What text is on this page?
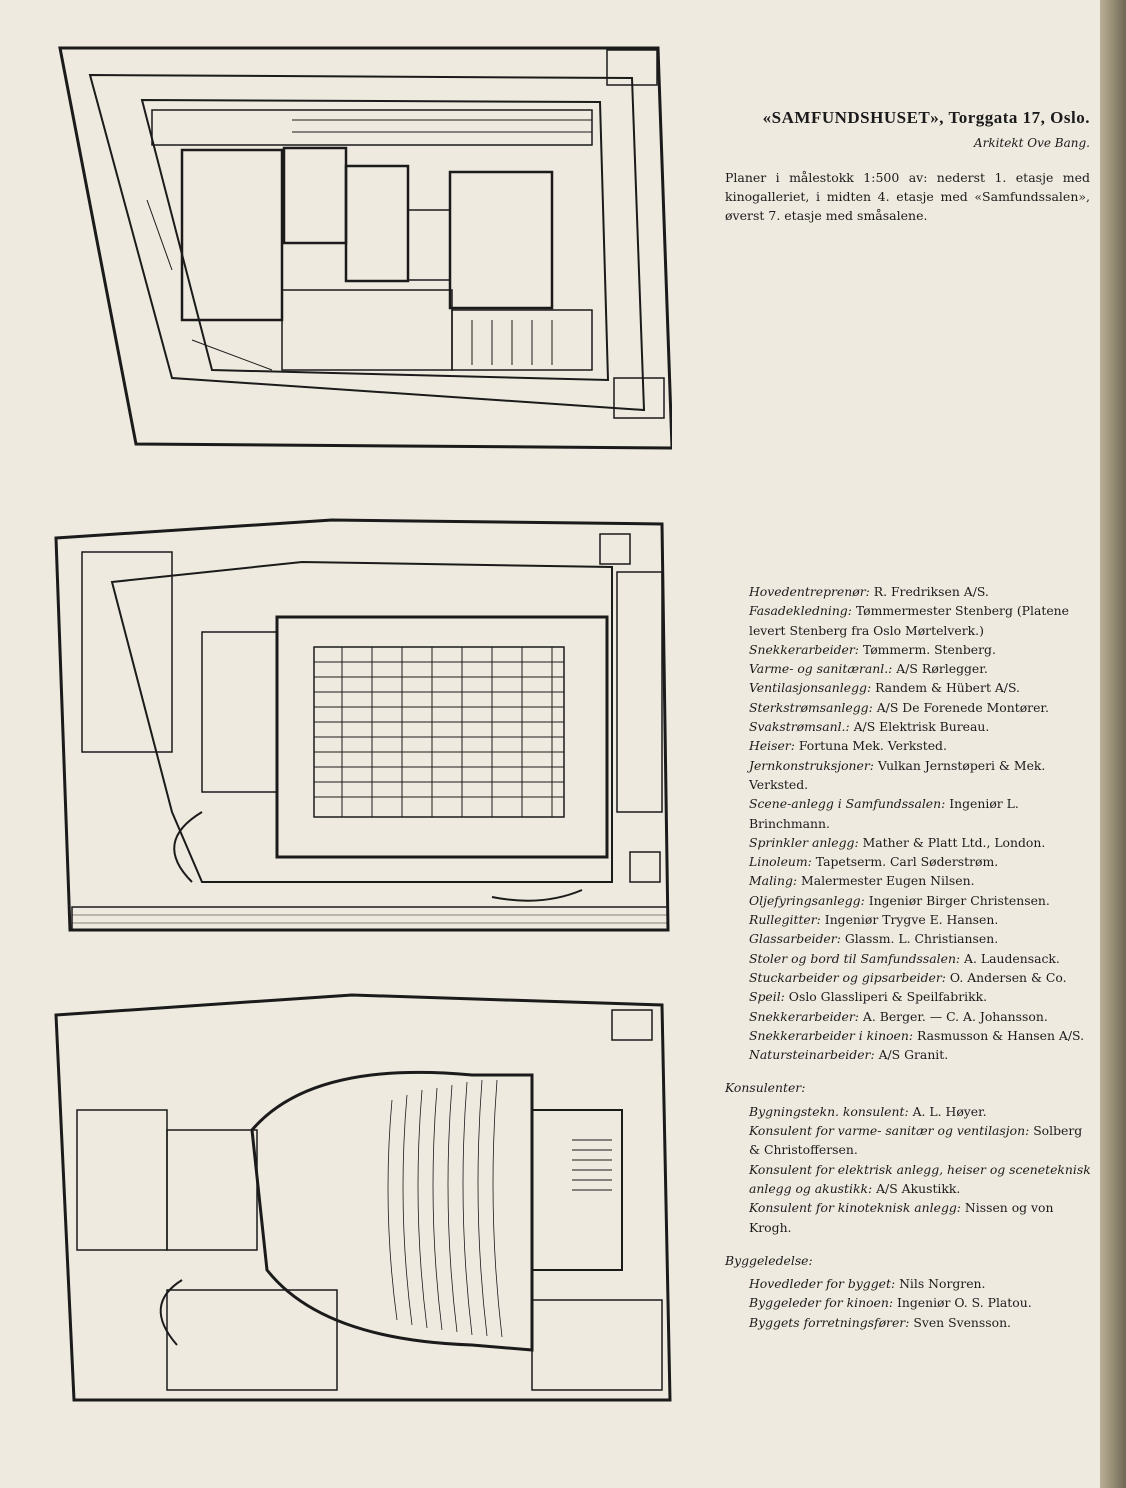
«SAMFUNDSHUSET», Torggata 17, Oslo.
Arkitekt Ove Bang.
Planer i målestokk 1:500 av: nederst 1. etasje med kinogalleriet, i midten 4. etasje med «Samfundssalen», øverst 7. etasje med småsalene.
Hovedentreprenør: R. Fredriksen A/S.
Fasadekledning: Tømmermester Stenberg (Platene levert Stenberg fra Oslo Mørtelverk.)
Snekkerarbeider: Tømmerm. Stenberg.
Varme- og sanitæranl.: A/S Rørlegger.
Ventilasjonsanlegg: Randem & Hübert A/S.
Sterkstrømsanlegg: A/S De Forenede Montører.
Svakstrømsanl.: A/S Elektrisk Bureau.
Heiser: Fortuna Mek. Verksted.
Jernkonstruksjoner: Vulkan Jernstøperi & Mek. Verksted.
Scene-anlegg i Samfundssalen: Ingeniør L. Brinchmann.
Sprinkler anlegg: Mather & Platt Ltd., London.
Linoleum: Tapetserm. Carl Søderstrøm.
Maling: Malermester Eugen Nilsen.
Oljefyringsanlegg: Ingeniør Birger Christensen.
Rullegitter: Ingeniør Trygve E. Hansen.
Glassarbeider: Glassm. L. Christiansen.
Stoler og bord til Samfundssalen: A. Laudensack.
Stuckarbeider og gipsarbeider: O. Andersen & Co.
Speil: Oslo Glassliperi & Speilfabrikk.
Snekkerarbeider: A. Berger. — C. A. Johansson.
Snekkerarbeider i kinoen: Rasmusson & Hansen A/S.
Natursteinarbeider: A/S Granit.
Konsulenter:
Bygningstekn. konsulent: A. L. Høyer.
Konsulent for varme- sanitær og ventilasjon: Solberg & Christoffersen.
Konsulent for elektrisk anlegg, heiser og sceneteknisk anlegg og akustikk: A/S Akustikk.
Konsulent for kinoteknisk anlegg: Nissen og von Krogh.
Byggeledelse:
Hovedleder for bygget: Nils Norgren.
Byggeleder for kinoen: Ingeniør O. S. Platou.
Byggets forretningsfører: Sven Svensson.
